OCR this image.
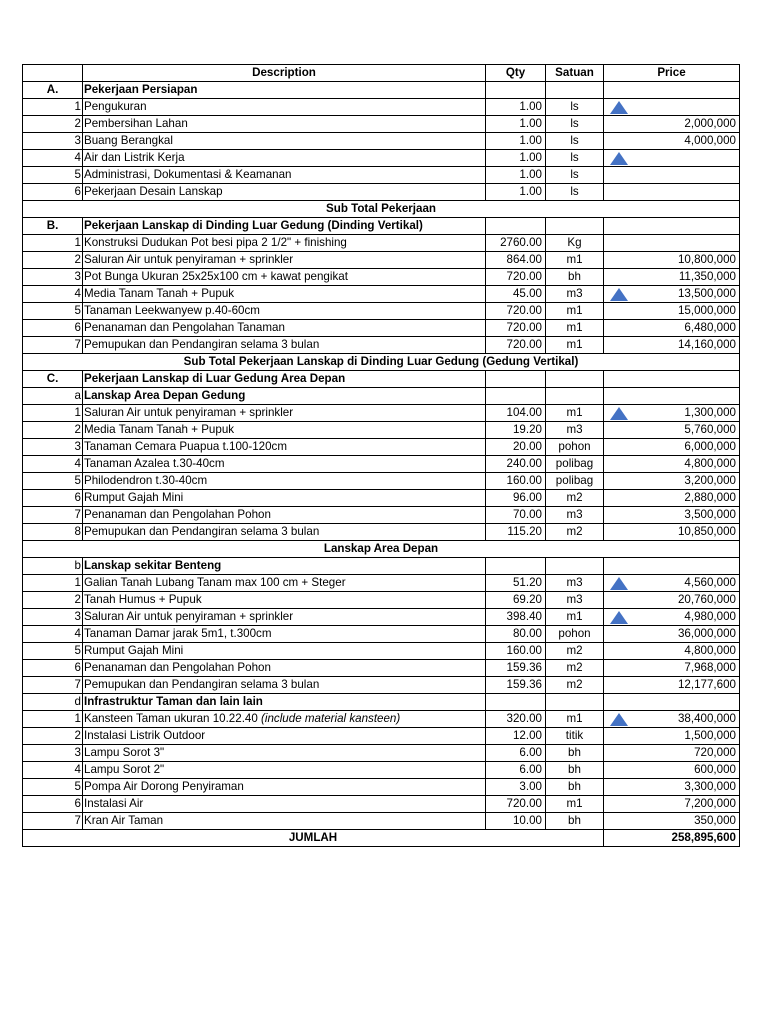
	Description	Qty	Satuan	Price
A.	Pekerjaan Persiapan			
1	Pengukuran	1.00	ls	

2	Pembersihan Lahan	1.00	ls	2,000,000
3	Buang Berangkal	1.00	ls	4,000,000
4	Air dan Listrik Kerja	1.00	ls	

5	Administrasi, Dokumentasi & Keamanan	1.00	ls	
6	Pekerjaan Desain Lanskap	1.00	ls	
Sub Total Pekerjaan				
B.	Pekerjaan Lanskap di Dinding Luar Gedung (Dinding Vertikal)			
1	Konstruksi Dudukan Pot besi pipa 2 1/2" + finishing	2760.00	Kg	
2	Saluran Air untuk penyiraman + sprinkler	864.00	m1	10,800,000
3	Pot Bunga Ukuran 25x25x100 cm + kawat pengikat	720.00	bh	11,350,000
4	Media Tanam Tanah + Pupuk	45.00	m3	13,500,000
5	Tanaman Leekwanyew p.40-60cm	720.00	m1	15,000,000
6	Penanaman dan Pengolahan Tanaman	720.00	m1	6,480,000
7	Pemupukan dan Pendangiran selama 3 bulan	720.00	m1	14,160,000
Sub Total Pekerjaan Lanskap di Dinding Luar Gedung (Gedung Vertikal)				
C.	Pekerjaan Lanskap di Luar Gedung Area Depan			
a	Lanskap Area Depan Gedung			
1	Saluran Air untuk penyiraman + sprinkler	104.00	m1	1,300,000
2	Media Tanam Tanah + Pupuk	19.20	m3	5,760,000
3	Tanaman Cemara Puapua t.100-120cm	20.00	pohon	6,000,000
4	Tanaman Azalea t.30-40cm	240.00	polibag	4,800,000
5	Philodendron t.30-40cm	160.00	polibag	3,200,000
6	Rumput Gajah Mini	96.00	m2	2,880,000
7	Penanaman dan Pengolahan Pohon	70.00	m3	3,500,000
8	Pemupukan dan Pendangiran selama 3 bulan	115.20	m2	10,850,000
Lanskap Area Depan				
b	Lanskap sekitar Benteng			
1	Galian Tanah Lubang Tanam max 100 cm + Steger	51.20	m3	4,560,000
2	Tanah Humus + Pupuk	69.20	m3	20,760,000
3	Saluran Air untuk penyiraman + sprinkler	398.40	m1	4,980,000
4	Tanaman Damar jarak 5m1, t.300cm	80.00	pohon	36,000,000
5	Rumput Gajah Mini	160.00	m2	4,800,000
6	Penanaman dan Pengolahan Pohon	159.36	m2	7,968,000
7	Pemupukan dan Pendangiran selama 3 bulan	159.36	m2	12,177,600
d	Infrastruktur Taman dan lain lain			
1	Kansteen Taman ukuran 10.22.40 (include material kansteen)	320.00	m1	38,400,000
2	Instalasi Listrik Outdoor	12.00	titik	1,500,000
3	Lampu Sorot 3"	6.00	bh	720,000
4	Lampu Sorot 2"	6.00	bh	600,000
5	Pompa Air Dorong Penyiraman	3.00	bh	3,300,000
6	Instalasi Air	720.00	m1	7,200,000
7	Kran Air Taman	10.00	bh	350,000
JUMLAH				258,895,600
